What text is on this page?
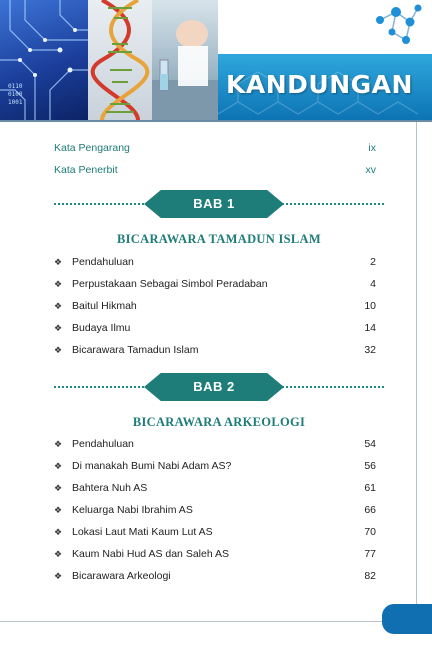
0110
0100
1001
KANDUNGAN
Kata Pengarang	ix
Kata Penerbit	xv
BAB 1
BICARAWARA TAMADUN ISLAM
❖ Pendahuluan	2
❖ Perpustakaan Sebagai Simbol Peradaban	4
❖ Baitul Hikmah	10
❖ Budaya Ilmu	14
❖ Bicarawara Tamadun Islam	32
BAB 2
BICARAWARA ARKEOLOGI
❖ Pendahuluan	54
❖ Di manakah Bumi Nabi Adam AS?	56
❖ Bahtera Nuh AS	61
❖ Keluarga Nabi Ibrahim AS	66
❖ Lokasi Laut Mati Kaum Lut AS	70
❖ Kaum Nabi Hud AS dan Saleh AS	77
❖ Bicarawara Arkeologi	82
